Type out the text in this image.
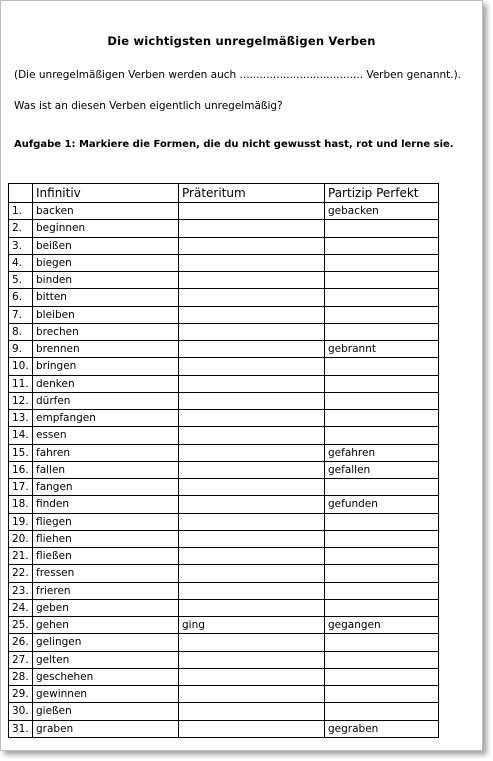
Die wichtigsten unregelmäßigen Verben
(Die unregelmäßigen Verben werden auch ..................................... Verben genannt.).
Was ist an diesen Verben eigentlich unregelmäßig?
Aufgabe 1: Markiere die Formen, die du nicht gewusst hast, rot und lerne sie.
	Infinitiv	Präteritum	Partizip Perfekt
1.	backen		gebacken
2.	beginnen		
3.	beißen		
4.	biegen		
5.	binden		
6.	bitten		
7.	bleiben		
8.	brechen		
9.	brennen		gebrannt
10.	bringen		
11.	denken		
12.	dürfen		
13.	empfangen		
14.	essen		
15.	fahren		gefahren
16.	fallen		gefallen
17.	fangen		
18.	finden		gefunden
19.	fliegen		
20.	fliehen		
21.	fließen		
22.	fressen		
23.	frieren		
24.	geben		
25.	gehen	ging	gegangen
26.	gelingen		
27.	gelten		
28.	geschehen		
29.	gewinnen		
30.	gießen		
31.	graben		gegraben
